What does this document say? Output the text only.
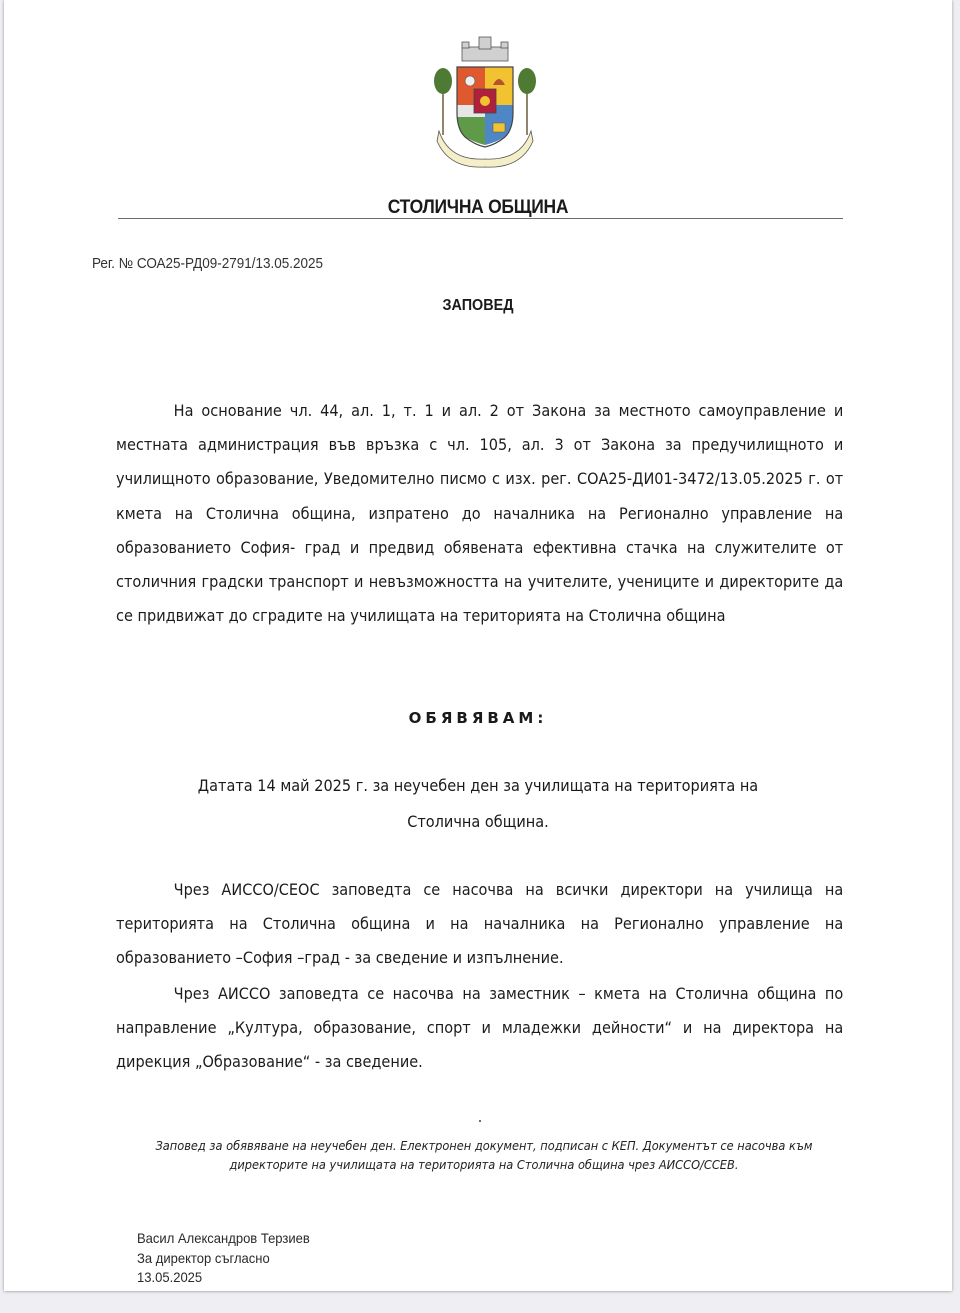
СТОЛИЧНА ОБЩИНА
Рег. № СОА25-РД09-2791/13.05.2025
ЗАПОВЕД
На основание чл. 44, ал. 1, т. 1 и ал. 2 от Закона за местното самоуправление и местната администрация във връзка с чл. 105, ал. 3 от Закона за предучилищното и училищното образование, Уведомително писмо с изх. рег. СОА25-ДИ01-3472/13.05.2025 г. от кмета на Столична община, изпратено до началника на Регионално управление на образованието София- град и предвид обявената ефективна стачка на служителите от столичния градски транспорт и невъзможността на учителите, учениците и директорите да се придвижат до сградите на училищата на територията на Столична община
ОБЯВЯВАМ:
Датата 14 май 2025 г. за неучебен ден за училищата на територията на
Столична община.
Чрез АИССО/СЕОС заповедта се насочва на всички директори на училища на територията на Столична община и на началника на Регионално управление на образованието –София –град - за сведение и изпълнение.
Чрез АИССО заповедта се насочва на заместник – кмета на Столична община по направление „Култура, образование, спорт и младежки дейности“ и на директора на дирекция „Образование“ - за сведение.
Заповед за обявяване на неучебен ден. Електронен документ, подписан с КЕП. Документът се насочва към директорите на училищата на територията на Столична община чрез АИССО/ССЕВ.
Васил Александров Терзиев
За директор съгласно
13.05.2025
